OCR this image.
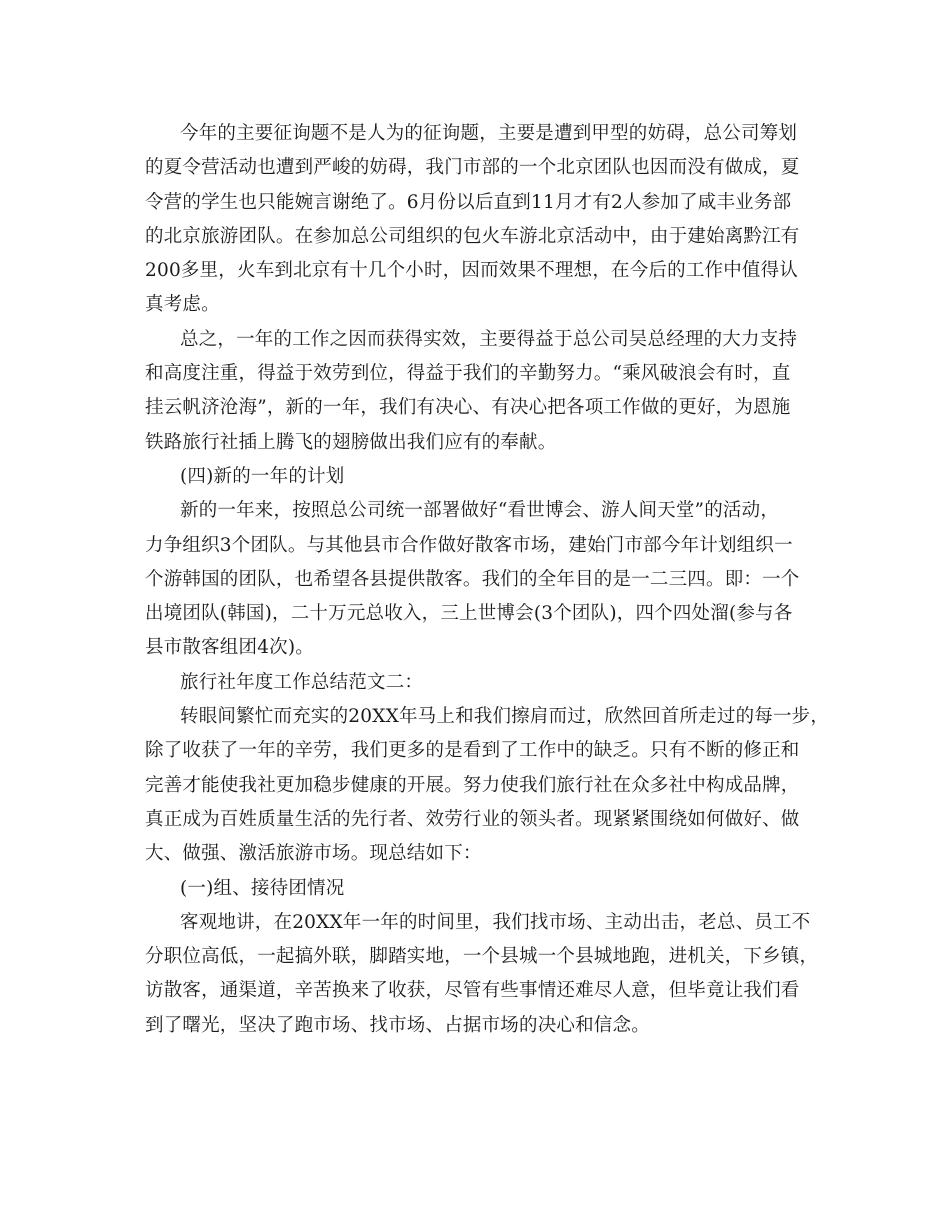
今年的主要征询题不是人为的征询题，主要是遭到甲型的妨碍，总公司筹划
的夏令营活动也遭到严峻的妨碍，我门市部的一个北京团队也因而没有做成，夏
令营的学生也只能婉言谢绝了。6月份以后直到11月才有2人参加了咸丰业务部
的北京旅游团队。在参加总公司组织的包火车游北京活动中，由于建始离黔江有
200多里，火车到北京有十几个小时，因而效果不理想，在今后的工作中值得认
真考虑。
总之，一年的工作之因而获得实效，主要得益于总公司吴总经理的大力支持
和高度注重，得益于效劳到位，得益于我们的辛勤努力。“乘风破浪会有时，直
挂云帆济沧海”，新的一年，我们有决心、有决心把各项工作做的更好，为恩施
铁路旅行社插上腾飞的翅膀做出我们应有的奉献。
(四)新的一年的计划
新的一年来，按照总公司统一部署做好“看世博会、游人间天堂”的活动，
力争组织3个团队。与其他县市合作做好散客市场，建始门市部今年计划组织一
个游韩国的团队，也希望各县提供散客。我们的全年目的是一二三四。即：一个
出境团队(韩国)，二十万元总收入，三上世博会(3个团队)，四个四处溜(参与各
县市散客组团4次)。
旅行社年度工作总结范文二：
转眼间繁忙而充实的20XX年马上和我们擦肩而过，欣然回首所走过的每一步，
除了收获了一年的辛劳，我们更多的是看到了工作中的缺乏。只有不断的修正和
完善才能使我社更加稳步健康的开展。努力使我们旅行社在众多社中构成品牌，
真正成为百姓质量生活的先行者、效劳行业的领头者。现紧紧围绕如何做好、做
大、做强、激活旅游市场。现总结如下：
(一)组、接待团情况
客观地讲，在20XX年一年的时间里，我们找市场、主动出击，老总、员工不
分职位高低，一起搞外联，脚踏实地，一个县城一个县城地跑，进机关，下乡镇，
访散客，通渠道，辛苦换来了收获，尽管有些事情还难尽人意，但毕竟让我们看
到了曙光，坚决了跑市场、找市场、占据市场的决心和信念。
